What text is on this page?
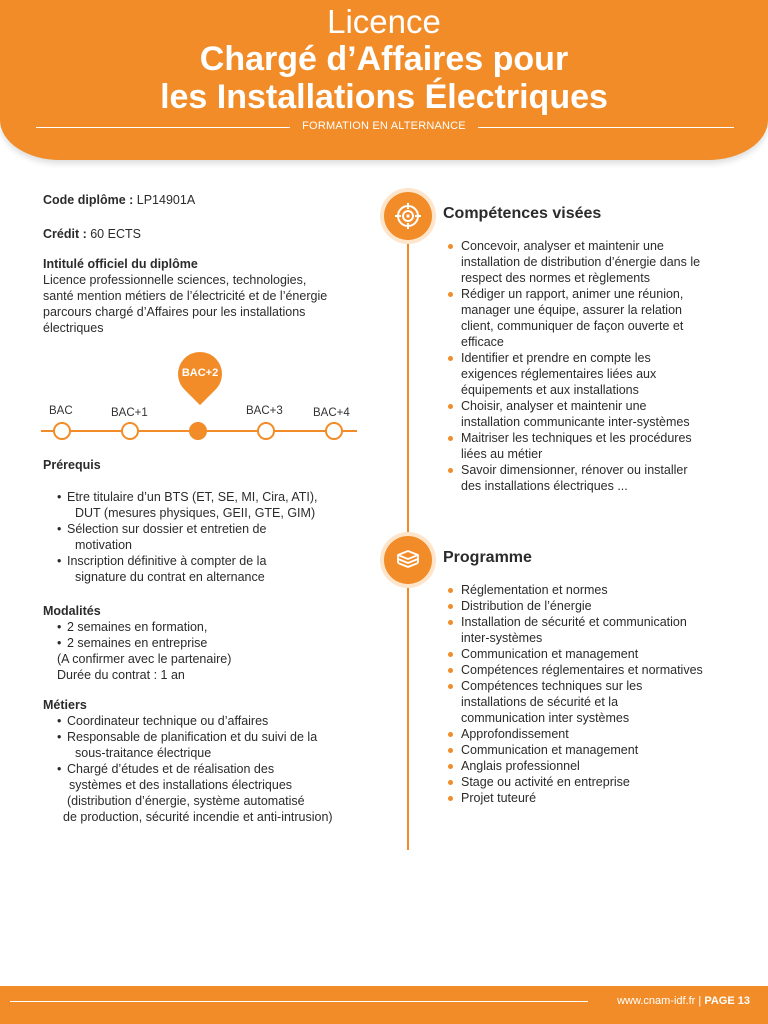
Licence
Chargé d’Affaires pour
les Installations Électriques
FORMATION EN ALTERNANCE

Code diplôme : LP14901A

Crédit : 60 ECTS

Intitulé officiel du diplôme
Licence professionnelle sciences, technologies,
santé mention métiers de l’électricité et de l’énergie
parcours chargé d’Affaires pour les installations
électriques
BAC	BAC+1	BAC+3	BAC+4
BAC+2
Prérequis
• Etre titulaire d’un BTS (ET, SE, MI, Cira, ATI),
DUT (mesures physiques, GEII, GTE, GIM)
• Sélection sur dossier et entretien de
motivation
• Inscription définitive à compter de la
signature du contrat en alternance
Modalités
• 2 semaines en formation,
• 2 semaines en entreprise
(A confirmer avec le partenaire)
Durée du contrat : 1 an
Métiers
• Coordinateur technique ou d’affaires
• Responsable de planification et du suivi de la
sous-traitance électrique
• Chargé d’études et de réalisation des
systèmes et des installations électriques
(distribution d’énergie, système automatisé
de production, sécurité incendie et anti-intrusion)
Compétences visées
Concevoir, analyser et maintenir une
installation de distribution d’énergie dans le
respect des normes et règlements
Rédiger un rapport, animer une réunion,
manager une équipe, assurer la relation
client, communiquer de façon ouverte et
efficace
Identifier et prendre en compte les
exigences réglementaires liées aux
équipements et aux installations
Choisir, analyser et maintenir une
installation communicante inter-systèmes
Maitriser les techniques et les procédures
liées au métier
Savoir dimensionner, rénover ou installer
des installations électriques ...
Programme
Réglementation et normes
Distribution de l’énergie
Installation de sécurité et communication
inter-systèmes
Communication et management
Compétences réglementaires et normatives
Compétences techniques sur les
installations de sécurité et la
communication inter systèmes
Approfondissement
Communication et management
Anglais professionnel
Stage ou activité en entreprise
Projet tuteuré
www.cnam-idf.fr | PAGE 13
